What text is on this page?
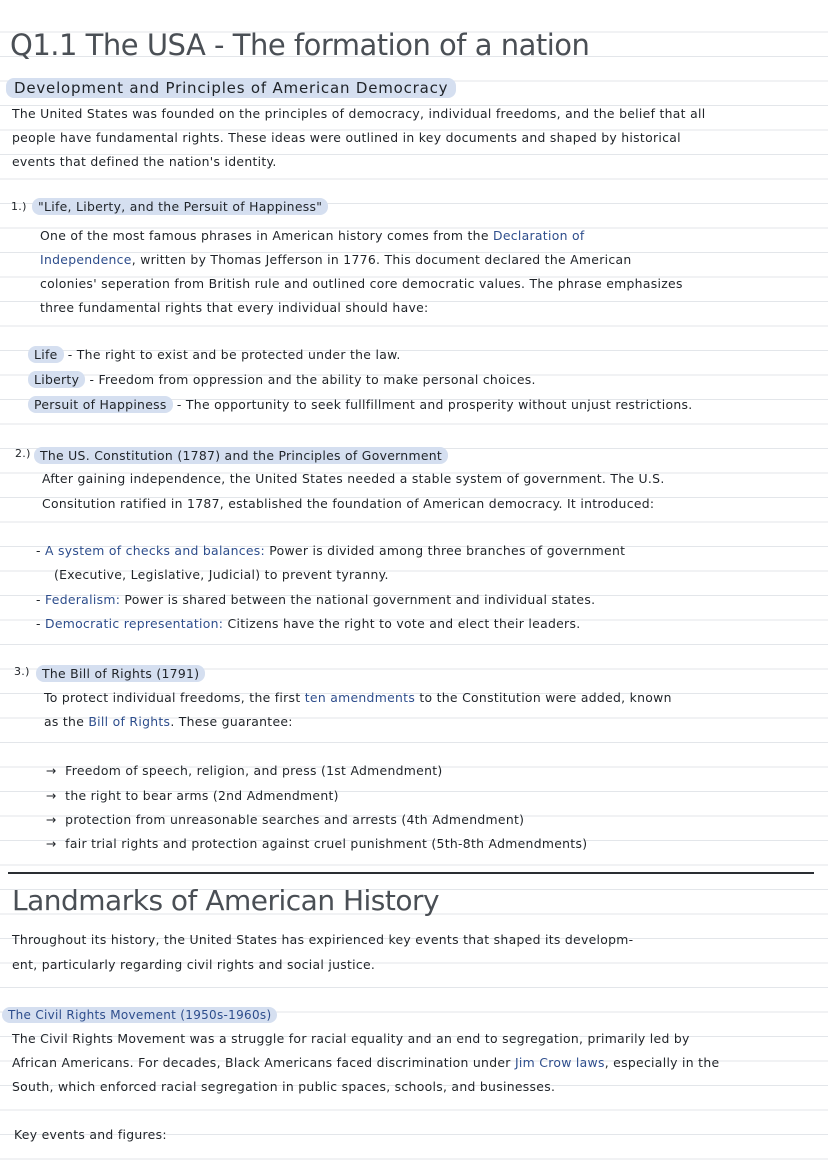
Q1.1 The USA - The formation of a nation
Development and Principles of American Democracy
The United States was founded on the principles of democracy, individual freedoms, and the belief that all
people have fundamental rights. These ideas were outlined in key documents and shaped by historical
events that defined the nation's identity.
1.) "Life, Liberty, and the Persuit of Happiness"
One of the most famous phrases in American history comes from the Declaration of
Independence, written by Thomas Jefferson in 1776. This document declared the American
colonies' seperation from British rule and outlined core democratic values. The phrase emphasizes
three fundamental rights that every individual should have:
Life - The right to exist and be protected under the law.
Liberty - Freedom from oppression and the ability to make personal choices.
Persuit of Happiness - The opportunity to seek fullfillment and prosperity without unjust restrictions.
2.) The US. Constitution (1787) and the Principles of Government
After gaining independence, the United States needed a stable system of government. The U.S.
Consitution ratified in 1787, established the foundation of American democracy. It introduced:
- A system of checks and balances: Power is divided among three branches of government
(Executive, Legislative, Judicial) to prevent tyranny.
- Federalism: Power is shared between the national government and individual states.
- Democratic representation: Citizens have the right to vote and elect their leaders.
3.) The Bill of Rights (1791)
To protect individual freedoms, the first ten amendments to the Constitution were added, known
as the Bill of Rights. These guarantee:
→ Freedom of speech, religion, and press (1st Admendment)
→ the right to bear arms (2nd Admendment)
→ protection from unreasonable searches and arrests (4th Admendment)
→ fair trial rights and protection against cruel punishment (5th-8th Admendments)
Landmarks of American History
Throughout its history, the United States has expirienced key events that shaped its developm-
ent, particularly regarding civil rights and social justice.
The Civil Rights Movement (1950s-1960s)
The Civil Rights Movement was a struggle for racial equality and an end to segregation, primarily led by
African Americans. For decades, Black Americans faced discrimination under Jim Crow laws, especially in the
South, which enforced racial segregation in public spaces, schools, and businesses.
Key events and figures:
